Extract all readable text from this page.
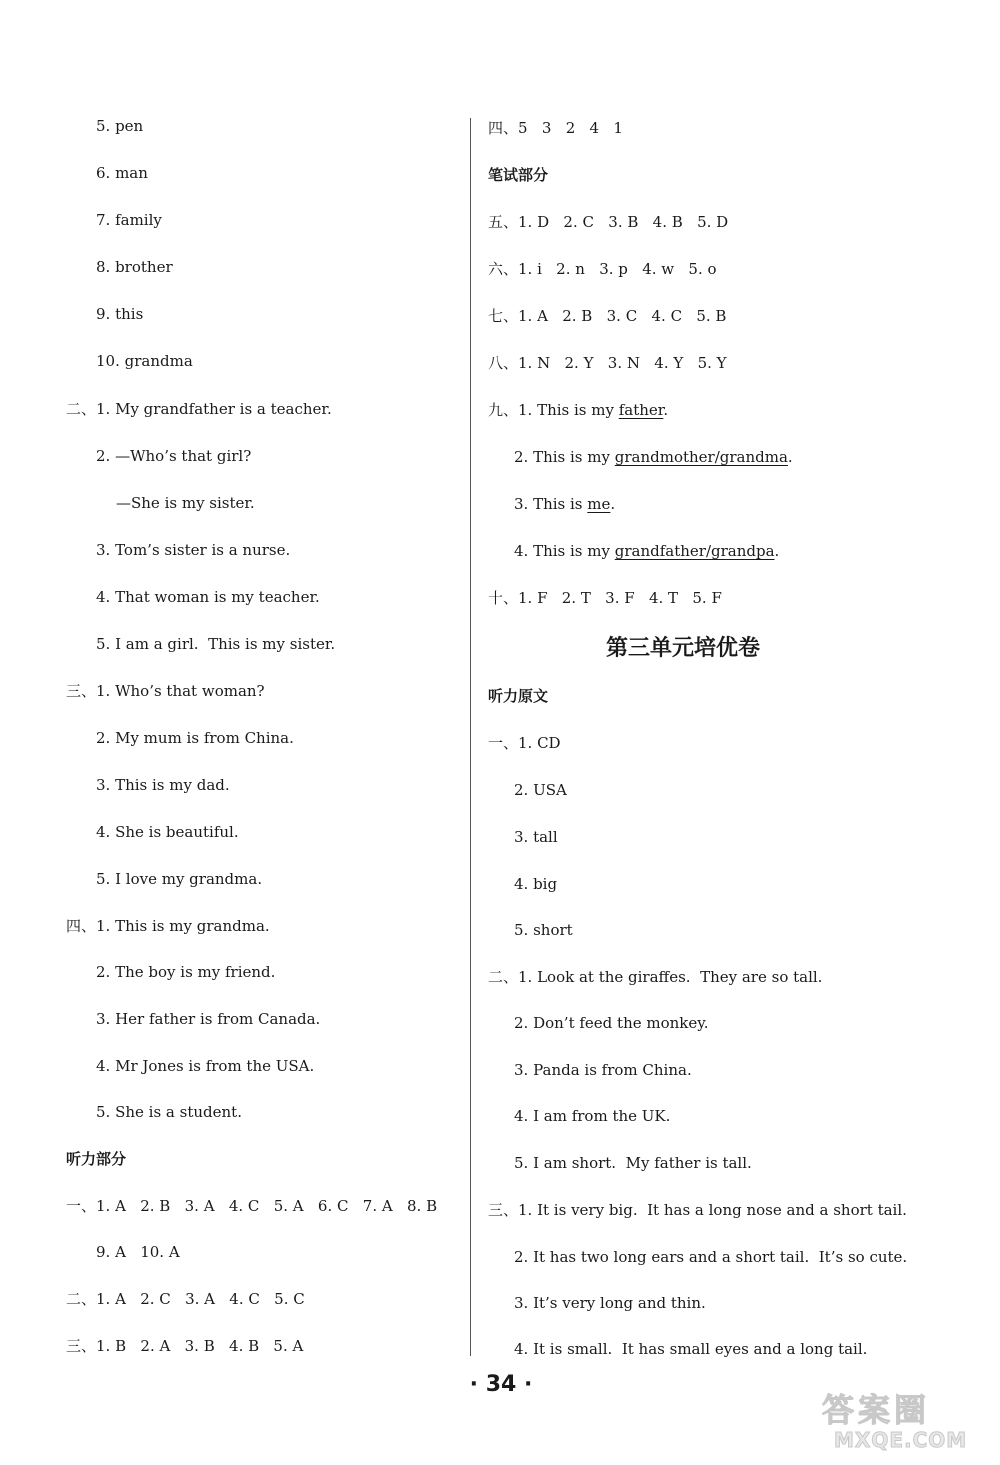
5. pen
6. man
7. family
8. brother
9. this
10. grandma
二、1. My grandfather is a teacher.
2. —Who’s that girl?
—She is my sister.
3. Tom’s sister is a nurse.
4. That woman is my teacher.
5. I am a girl.  This is my sister.
三、1. Who’s that woman?
2. My mum is from China.
3. This is my dad.
4. She is beautiful.
5. I love my grandma.
四、1. This is my grandma.
2. The boy is my friend.
3. Her father is from Canada.
4. Mr Jones is from the USA.
5. She is a student.
听力部分
一、1. A   2. B   3. A   4. C   5. A   6. C   7. A   8. B
9. A   10. A
二、1. A   2. C   3. A   4. C   5. C
三、1. B   2. A   3. B   4. B   5. A
四、5   3   2   4   1
笔试部分
五、1. D   2. C   3. B   4. B   5. D
六、1. i   2. n   3. p   4. w   5. o
七、1. A   2. B   3. C   4. C   5. B
八、1. N   2. Y   3. N   4. Y   5. Y
九、1. This is my father.
2. This is my grandmother/grandma.
3. This is me.
4. This is my grandfather/grandpa.
十、1. F   2. T   3. F   4. T   5. F
第三单元培优卷
听力原文
一、1. CD
2. USA
3. tall
4. big
5. short
二、1. Look at the giraffes.  They are so tall.
2. Don’t feed the monkey.
3. Panda is from China.
4. I am from the UK.
5. I am short.  My father is tall.
三、1. It is very big.  It has a long nose and a short tail.
2. It has two long ears and a short tail.  It’s so cute.
3. It’s very long and thin.
4. It is small.  It has small eyes and a long tail.
· 34 ·
答案圈
MXQE.COM
